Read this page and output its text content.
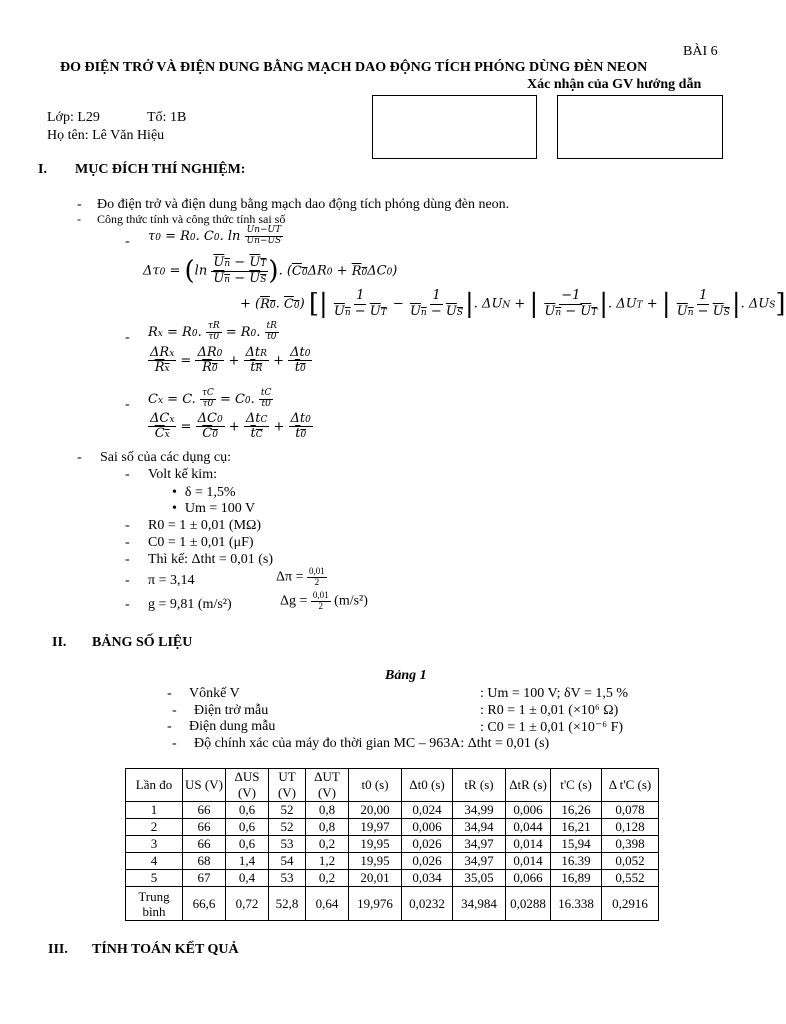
BÀI 6
ĐO ĐIỆN TRỞ VÀ ĐIỆN DUNG BẰNG MẠCH DAO ĐỘNG TÍCH PHÓNG DÙNG ĐÈN NEON
Xác nhận của GV hướng dẫn
Lớp: L29	Tổ: 1B
Họ tên: Lê Văn Hiệu
I. MỤC ĐÍCH THÍ NGHIỆM:
- Đo điện trở và điện dung bằng mạch dao động tích phóng dùng đèn neon.
- Công thức tính và công thức tính sai số
- τ0 = R0. C0. $\ln \frac{Un-UT}{Un-US}$
$\Delta\tau 0 = (\ln \frac{Un - UT}{Un - US}$ ). (C0ΔR0 + R0ΔC0)
+ (R0. C0) [| $\frac{1}{Un - UT} - \frac{1}{Un - US}$ |. ΔUN + | $\frac{-1}{Un - UT}$ |. ΔUT + | $\frac{1}{Un - US}$ |. ΔUS]
- Rx = R0. $\frac{\tau R}{\tau 0} = R0$. $\frac{tR}{t0}$
$\frac{\text{ΔRx}}{Rx} = \frac{\Delta R0}{R0} + \frac{\text{ΔtR}}{tR} + \frac{\Delta t0}{t0}$
- Cx = C. $\frac{\tau C}{\tau 0} = C0$. $\frac{tC}{t0}$
$\frac{\text{ΔCx}}{Cx} = \frac{\Delta C0}{C0} + \frac{\text{ΔtC}}{tC} + \frac{\Delta t0}{t0}$
- Sai số của các dụng cụ:
- Volt kế kim:
• δ = 1,5%
• Um = 100 V
- R0 = 1 ± 0,01 (MΩ)
- C0 = 1 ± 0,01 (μF)
- Thì kế: Δtht = 0,01 (s)
- π = 3,14	$\Delta\pi = \frac{0,01}{2}$
- g = 9,81 (m/s²)	$\Delta g = \frac{0,01}{2} (m/s^2)$
II. BẢNG SỐ LIỆU
Bảng 1
- Vônkế V	: Um = 100 V; δV = 1,5 %
- Điện trở mẫu	: R0 = 1 ± 0,01 (×10⁶ Ω)
- Điện dung mẫu	: C0 = 1 ± 0,01 (×10⁻⁶ F)
- Độ chính xác của máy đo thời gian MC – 963A: Δtht = 0,01 (s)
Lần đo	US (V)	ΔUS (V)	UT (V)	ΔUT (V)	t0 (s)	Δt0 (s)	tR (s)	ΔtR (s)	t'C (s)	Δ t'C (s)
1	66	0,6	52	0,8	20,00	0,024	34,99	0,006	16,26	0,078
2	66	0,6	52	0,8	19,97	0,006	34,94	0,044	16,21	0,128
3	66	0,6	53	0,2	19,95	0,026	34,97	0,014	15,94	0,398
4	68	1,4	54	1,2	19,95	0,026	34,97	0,014	16.39	0,052
5	67	0,4	53	0,2	20,01	0,034	35,05	0,066	16,89	0,552
Trung bình	66,6	0,72	52,8	0,64	19,976	0,0232	34,984	0,0288	16.338	0,2916
III. TÍNH TOÁN KẾT QUẢ
